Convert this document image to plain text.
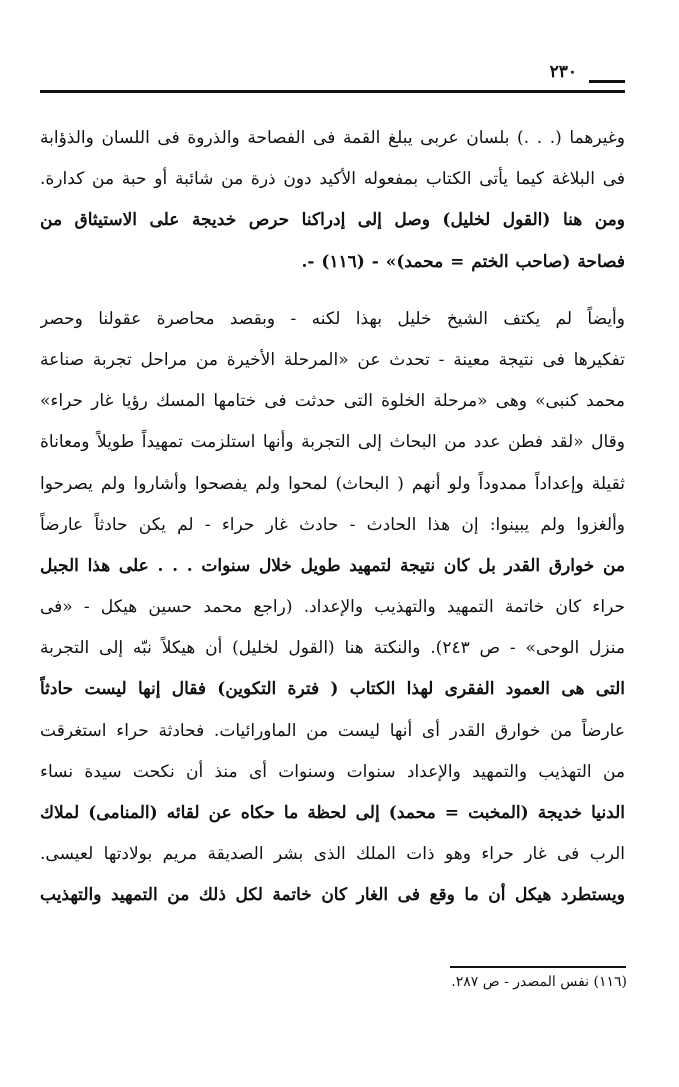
٢٣٠
وغيرهما (. . .) بلسان عربى يبلغ القمة فى الفصاحة والذروة فى اللسان والذؤابة
فى البلاغة كيما يأتى الكتاب بمفعوله الأكيد دون ذرة من شائبة أو حبة من كدارة.
ومن هنا (القول لخليل) وصل إلى إدراكنا حرص خديجة على الاستيثاق من
فصاحة (صاحب الختم = محمد)» - (١١٦) -.
وأيضاً لم يكتف الشيخ خليل بهذا لكنه - وبقصد محاصرة عقولنا وحصر
تفكيرها فى نتيجة معينة - تحدث عن «المرحلة الأخيرة من مراحل تجربة صناعة
محمد كنبى» وهى «مرحلة الخلوة التى حدثت فى ختامها المسك رؤيا غار حراء»
وقال «لقد فطن عدد من البحاث إلى التجربة وأنها استلزمت تمهيداً طويلاً ومعاناة
ثقيلة وإعداداً ممدوداً ولو أنهم ( البحاث) لمحوا ولم يفصحوا وأشاروا ولم يصرحوا
وألغزوا ولم يبينوا: إن هذا الحادث - حادث غار حراء - لم يكن حادثاً عارضاً
من خوارق القدر بل كان نتيجة لتمهيد طويل خلال سنوات . . . على هذا الجبل
حراء كان خاتمة التمهيد والتهذيب والإعداد. (راجع محمد حسين هيكل - «فى
منزل الوحى» - ص ٢٤٣). والنكتة هنا (القول لخليل) أن هيكلاً نبّه إلى التجربة
التى هى العمود الفقرى لهذا الكتاب ( فترة التكوين) فقال إنها ليست حادثاً
عارضاً من خوارق القدر أى أنها ليست من الماورائيات. فحادثة حراء استغرقت
من التهذيب والتمهيد والإعداد سنوات وسنوات أى منذ أن نكحت سيدة نساء
الدنيا خديجة (المخبت = محمد) إلى لحظة ما حكاه عن لقائه (المنامى) لملاك
الرب فى غار حراء وهو ذات الملك الذى بشر الصديقة مريم بولادتها لعيسى.
ويستطرد هيكل أن ما وقع فى الغار كان خاتمة لكل ذلك من التمهيد والتهذيب
(١١٦) نفس المصدر - ص ٢٨٧.
